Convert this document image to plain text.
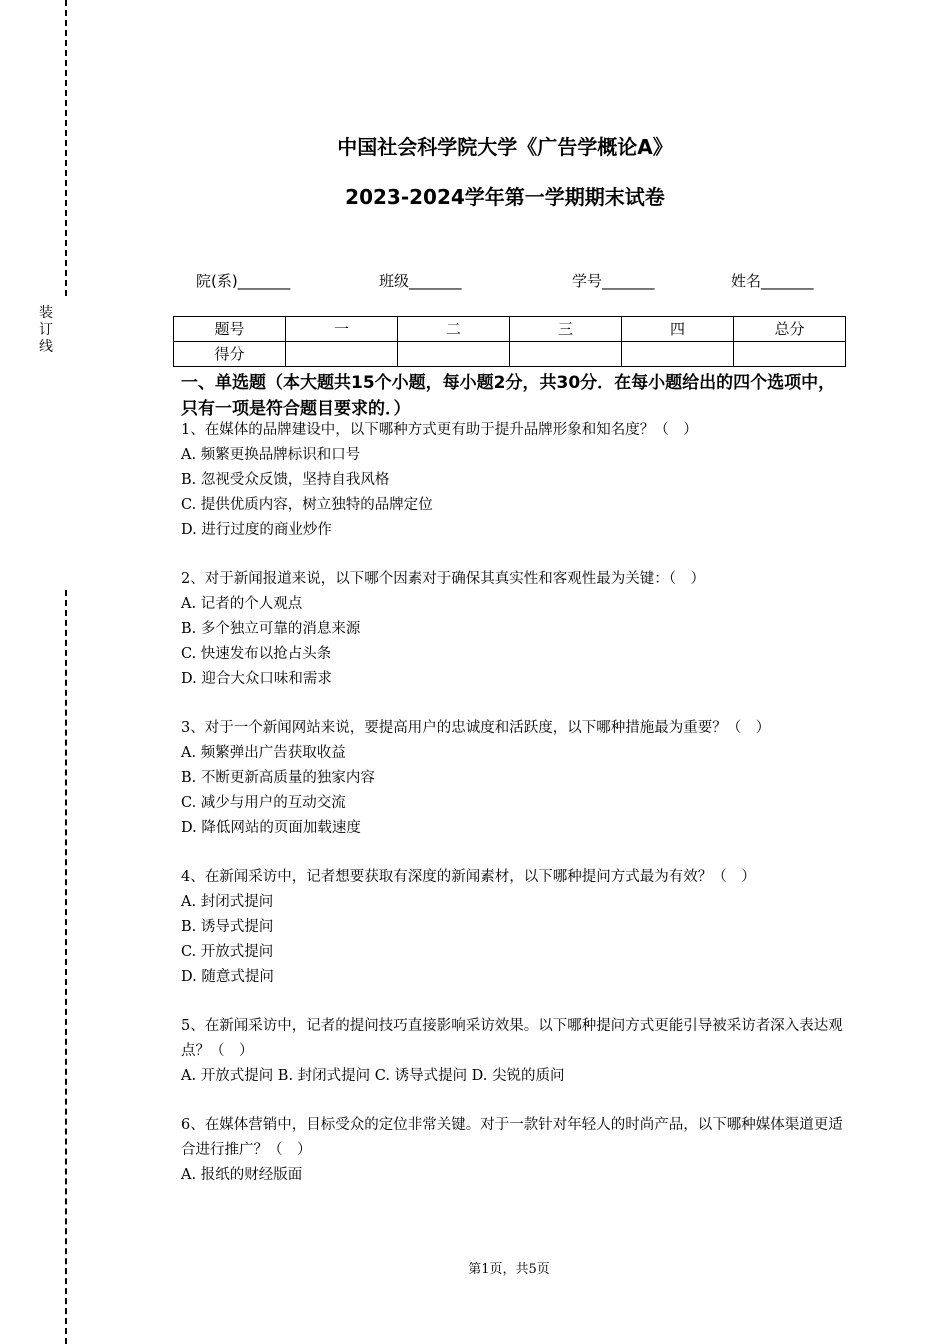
装
订
线
中国社会科学院大学《广告学概论A》
2023-2024学年第一学期期末试卷
院(系)_______	班级_______	学号_______	姓名_______
题号	一	二	三	四	总分
得分					
一、单选题（本大题共15个小题，每小题2分，共30分．在每小题给出的四个选项中，只有一项是符合题目要求的．）
1、在媒体的品牌建设中，以下哪种方式更有助于提升品牌形象和知名度？（　）
A. 频繁更换品牌标识和口号
B. 忽视受众反馈，坚持自我风格
C. 提供优质内容，树立独特的品牌定位
D. 进行过度的商业炒作
2、对于新闻报道来说，以下哪个因素对于确保其真实性和客观性最为关键：（　）
A. 记者的个人观点
B. 多个独立可靠的消息来源
C. 快速发布以抢占头条
D. 迎合大众口味和需求
3、对于一个新闻网站来说，要提高用户的忠诚度和活跃度，以下哪种措施最为重要？（　）
A. 频繁弹出广告获取收益
B. 不断更新高质量的独家内容
C. 减少与用户的互动交流
D. 降低网站的页面加载速度
4、在新闻采访中，记者想要获取有深度的新闻素材，以下哪种提问方式最为有效？（　）
A. 封闭式提问
B. 诱导式提问
C. 开放式提问
D. 随意式提问
5、在新闻采访中，记者的提问技巧直接影响采访效果。以下哪种提问方式更能引导被采访者深入表达观点？（　）
A. 开放式提问 B. 封闭式提问 C. 诱导式提问 D. 尖锐的质问
6、在媒体营销中，目标受众的定位非常关键。对于一款针对年轻人的时尚产品，以下哪种媒体渠道更适合进行推广？（　）
A. 报纸的财经版面
第1页，共5页
